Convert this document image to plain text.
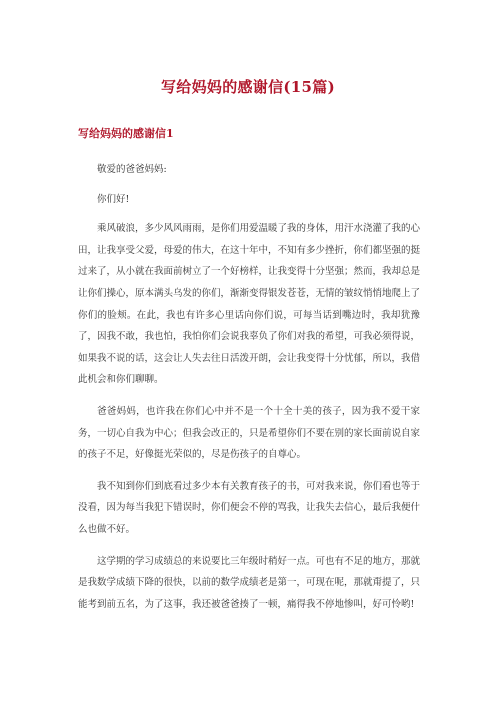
写给妈妈的感谢信(15篇)
写给妈妈的感谢信1

敬爱的爸爸妈妈:

你们好!

乘风破浪，多少风风雨雨，是你们用爱温暖了我的身体，用汗水浇灌了我的心田，让我享受父爱，母爱的伟大，在这十年中，不知有多少挫折，你们都坚强的挺过来了，从小就在我面前树立了一个好榜样，让我变得十分坚强；然而，我却总是让你们操心，原本满头乌发的你们，渐渐变得银发苍苍，无情的皱纹悄悄地爬上了你们的脸颊。在此，我也有许多心里话向你们说，可每当话到嘴边时，我却犹豫了，因我不敢，我也怕，我怕你们会说我辜负了你们对我的希望，可我必须得说，如果我不说的话，这会让人失去往日活泼开朗，会让我变得十分忧郁，所以，我借此机会和你们聊聊。

爸爸妈妈，也许我在你们心中并不是一个十全十美的孩子，因为我不爱干家务，一切心自我为中心；但我会改正的，只是希望你们不要在别的家长面前说自家的孩子不足，好像挺光荣似的，尽是伤孩子的自尊心。

我不知到你们到底看过多少本有关教育孩子的书，可对我来说，你们看也等于没看，因为每当我犯下错误时，你们便会不停的骂我，让我失去信心，最后我便什么也做不好。

这学期的学习成绩总的来说要比三年级时稍好一点。可也有不足的地方，那就是我数学成绩下降的很快，以前的数学成绩老是第一，可现在呢，那就甭提了，只能考到前五名，为了这事，我还被爸爸揍了一顿，痛得我不停地惨叫，好可怜哟!
